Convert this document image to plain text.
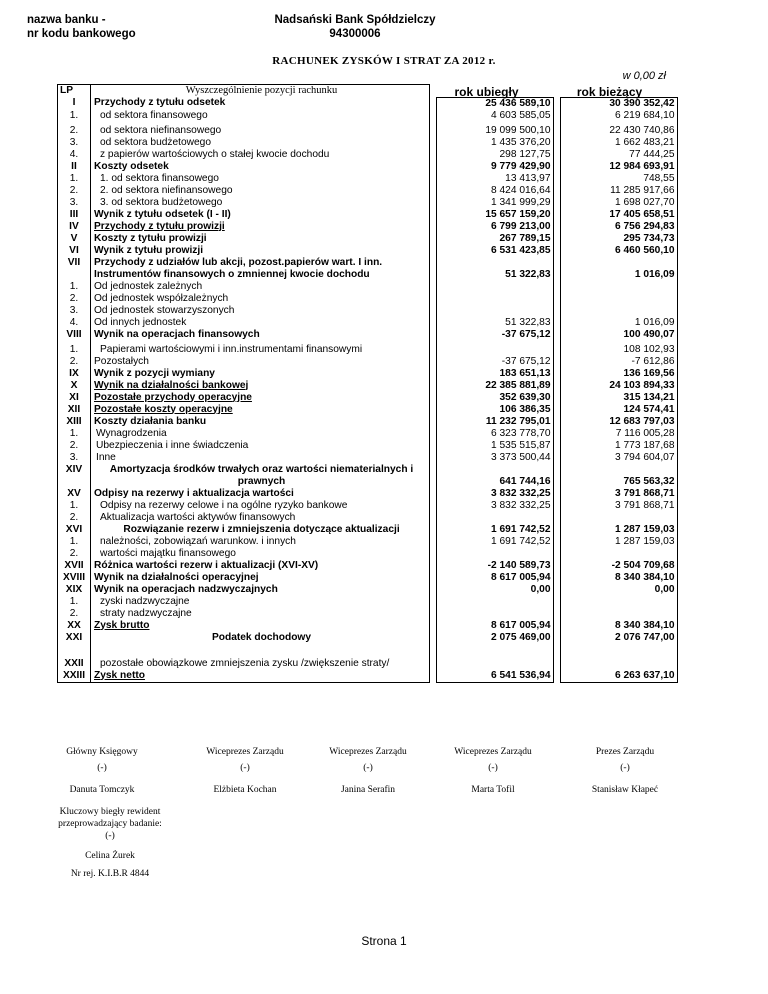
nazwa banku -
nr kodu bankowego
Nadsański Bank Spółdzielczy
94300006
RACHUNEK ZYSKÓW I STRAT ZA 2012 r.
w 0,00 zł
rok ubiegły	rok bieżący
LP	Wyszczególnienie pozycji rachunku				
I	Przychody z tytułu odsetek		25 436 589,10		30 390 352,42
1.	od sektora finansowego		4 603 585,05		6 219 684,10

2.	od sektora niefinansowego		19 099 500,10		22 430 740,86
3.	od sektora budżetowego		1 435 376,20		1 662 483,21
4.	z papierów wartościowych o stałej kwocie dochodu		298 127,75		77 444,25
II	Koszty odsetek		9 779 429,90		12 984 693,91
1.	1. od sektora finansowego		13 413,97		748,55
2.	2. od sektora niefinansowego		8 424 016,64		11 285 917,66
3.	3. od sektora budżetowego		1 341 999,29		1 698 027,70
III	Wynik z tytułu odsetek (I - II)		15 657 159,20		17 405 658,51
IV	Przychody z tytułu prowizji		6 799 213,00		6 756 294,83
V	Koszty z tytułu prowizji		267 789,15		295 734,73
VI	Wynik z tytułu prowizji		6 531 423,85		6 460 560,10
VII	Przychody z udziałów lub akcji, pozost.papierów wart. I inn.		51 322,83		1 016,09
	Instrumentów finansowych o zmniennej kwocie dochodu				
1.	Od jednostek zależnych				
2.	Od jednostek współzależnych				
3.	Od jednostek stowarzyszonych				
4.	Od innych jednostek		51 322,83		1 016,09
VIII	Wynik na operacjach finansowych		-37 675,12		100 490,07

1.	Papierami wartościowymi i inn.instrumentami finansowymi				108 102,93
2.	Pozostałych		-37 675,12		-7 612,86
IX	Wynik z pozycji wymiany		183 651,13		136 169,56
X	Wynik na działalności bankowej		22 385 881,89		24 103 894,33
XI	Pozostałe przychody operacyjne		352 639,30		315 134,21
XII	Pozostałe koszty operacyjne		106 386,35		124 574,41
XIII	Koszty działania banku		11 232 795,01		12 683 797,03
1.	Wynagrodzenia		6 323 778,70		7 116 005,28
2.	Ubezpieczenia i inne świadczenia		1 535 515,87		1 773 187,68
3.	Inne		3 373 500,44		3 794 604,07
XIV	Amortyzacja środków trwałych oraz wartości niematerialnych i		641 744,16		765 563,32
	prawnych				
XV	Odpisy na rezerwy i aktualizacja wartości		3 832 332,25		3 791 868,71
1.	Odpisy na rezerwy celowe i na ogólne ryzyko bankowe		3 832 332,25		3 791 868,71
2.	Aktualizacja wartości aktywów finansowych				
XVI	Rozwiązanie rezerw i zmniejszenia dotyczące aktualizacji		1 691 742,52		1 287 159,03
1.	należności, zobowiązań warunkow. i innych		1 691 742,52		1 287 159,03
2.	wartości majątku finansowego				
XVII	Różnica wartości rezerw i aktualizacji (XVI-XV)		-2 140 589,73		-2 504 709,68
XVIII	Wynik na działalności operacyjnej		8 617 005,94		8 340 384,10
XIX	Wynik na operacjach nadzwyczajnych		0,00		0,00
1.	zyski nadzwyczajne				
2.	straty nadzwyczajne				
XX	Zysk brutto		8 617 005,94		8 340 384,10
XXI	Podatek dochodowy		2 075 469,00		2 076 747,00

XXII	pozostałe obowiązkowe zmniejszenia zysku /zwiększenie straty/				
XXIII	Zysk netto		6 541 536,94		6 263 637,10
Główny Księgowy
(-)
Danuta Tomczyk
Wiceprezes Zarządu
(-)
Elżbieta Kochan
Wiceprezes Zarządu
(-)
Janina Serafin
Wiceprezes Zarządu
(-)
Marta Tofil
Prezes Zarządu
(-)
Stanisław Kłapeć
Kluczowy biegły rewident
przeprowadzający badanie:
(-)
Celina Żurek
Nr rej. K.I.B.R 4844
Strona 1
